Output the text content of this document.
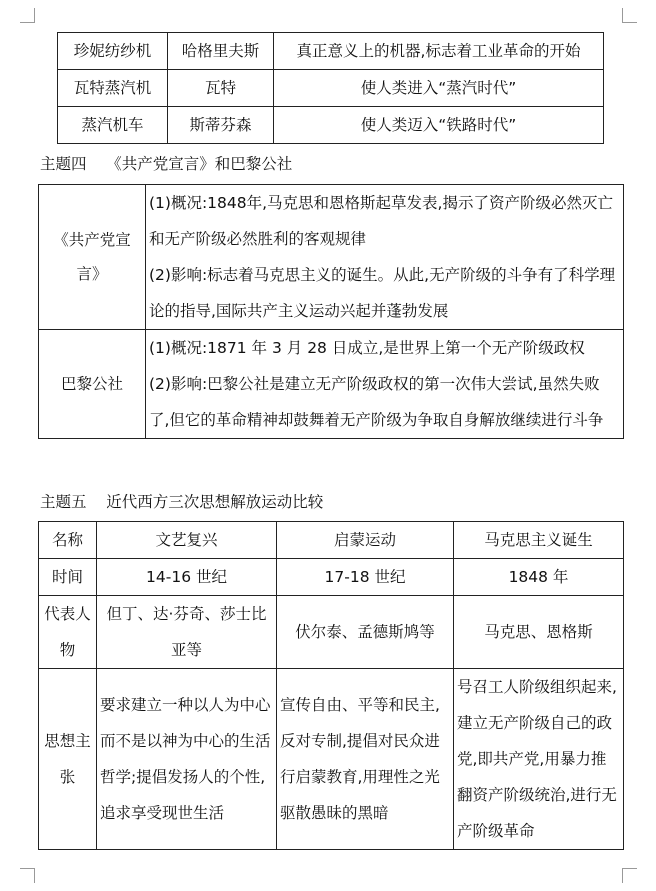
珍妮纺纱机	哈格里夫斯	真正意义上的机器,标志着工业革命的开始
瓦特蒸汽机	瓦特	使人类进入“蒸汽时代”
蒸汽机车	斯蒂芬森	使人类迈入“铁路时代”
主题四    《共产党宣言》和巴黎公社
《共产党宣言》	(1)概况:1848年,马克思和恩格斯起草发表,揭示了资产阶级必然灭亡和无产阶级必然胜利的客观规律
(2)影响:标志着马克思主义的诞生。从此,无产阶级的斗争有了科学理论的指导,国际共产主义运动兴起并蓬勃发展
巴黎公社	(1)概况:1871 年 3 月 28 日成立,是世界上第一个无产阶级政权
(2)影响:巴黎公社是建立无产阶级政权的第一次伟大尝试,虽然失败了,但它的革命精神却鼓舞着无产阶级为争取自身解放继续进行斗争
主题五    近代西方三次思想解放运动比较
名称	文艺复兴	启蒙运动	马克思主义诞生
时间	14-16 世纪	17-18 世纪	1848 年
代表人物	但丁、达·芬奇、莎士比亚等	伏尔泰、孟德斯鸠等	马克思、恩格斯
思想主张	要求建立一种以人为中心而不是以神为中心的生活哲学;提倡发扬人的个性,追求享受现世生活	宣传自由、平等和民主,反对专制,提倡对民众进行启蒙教育,用理性之光驱散愚昧的黑暗	号召工人阶级组织起来,建立无产阶级自己的政党,即共产党,用暴力推翻资产阶级统治,进行无产阶级革命
